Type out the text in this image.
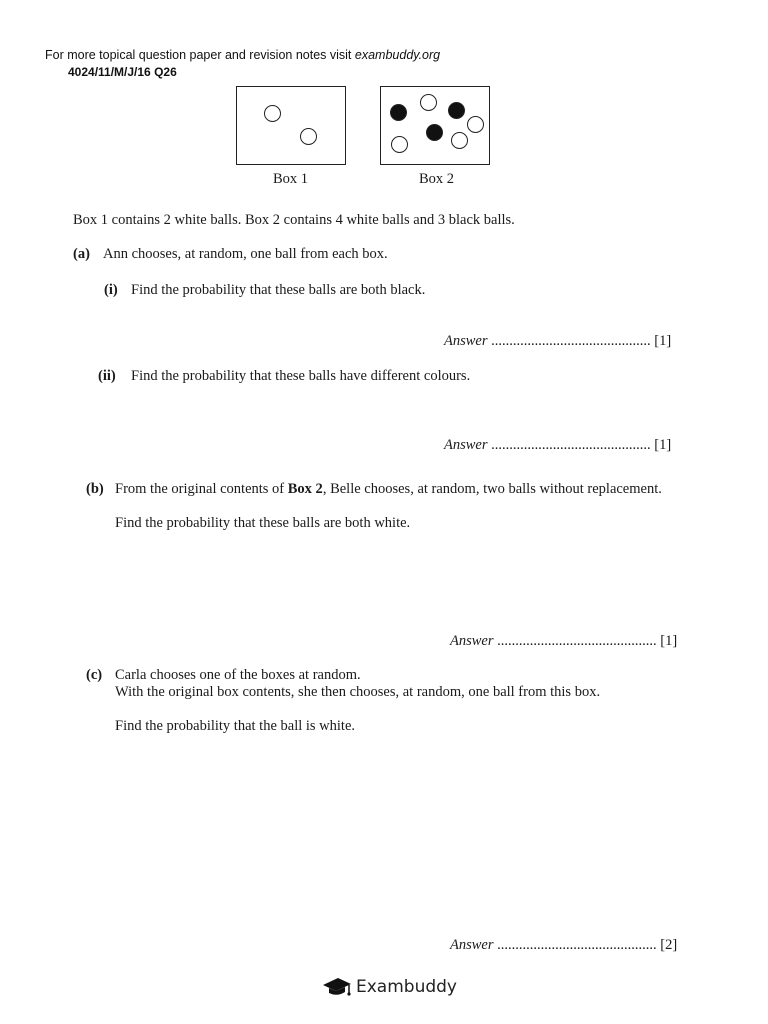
For more topical question paper and revision notes visit exambuddy.org
4024/11/M/J/16 Q26
Box 1	Box 2
Box 1 contains 2 white balls. Box 2 contains 4 white balls and 3 black balls.
(a) Ann chooses, at random, one ball from each box.
(i) Find the probability that these balls are both black.
Answer ............................................ [1]
(ii) Find the probability that these balls have different colours.
Answer ............................................ [1]
(b) From the original contents of Box 2, Belle chooses, at random, two balls without replacement.
Find the probability that these balls are both white.
Answer ............................................ [1]
(c) Carla chooses one of the boxes at random.
With the original box contents, she then chooses, at random, one ball from this box.
Find the probability that the ball is white.
Answer ............................................ [2]
Exambuddy
